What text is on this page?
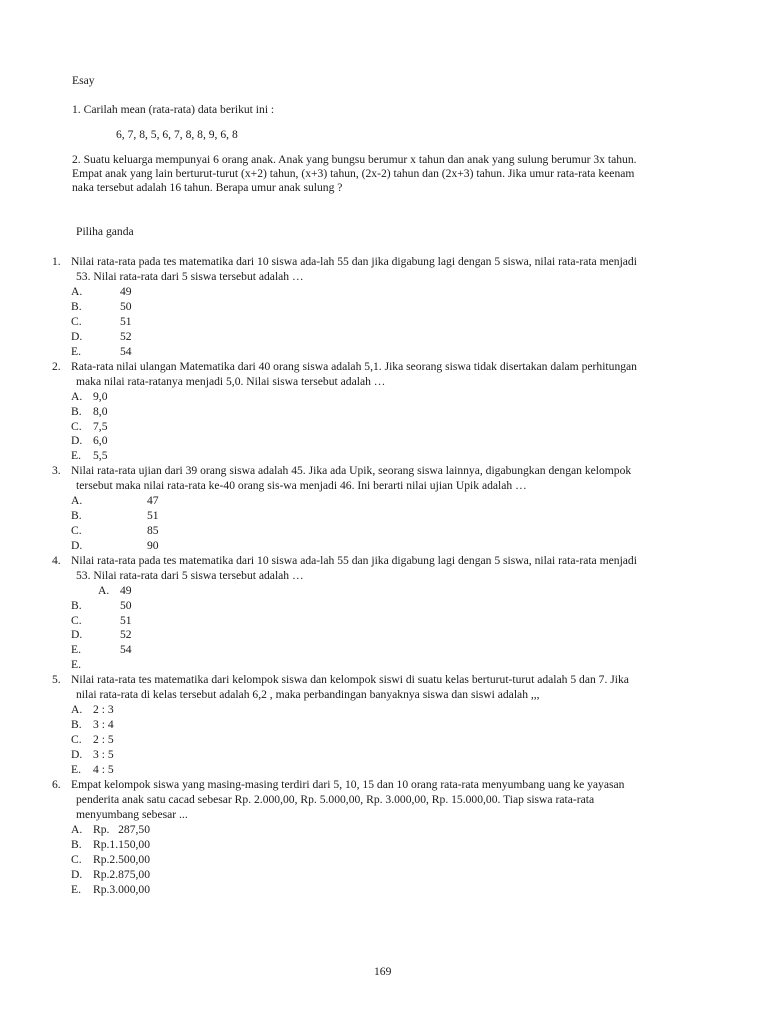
Esay
1. Carilah mean (rata-rata) data berikut ini :
6, 7, 8, 5, 6, 7, 8, 8, 9, 6, 8
2. Suatu keluarga mempunyai 6 orang anak. Anak yang bungsu berumur x tahun dan anak yang sulung berumur 3x tahun.
Empat anak yang lain berturut-turut (x+2) tahun, (x+3) tahun, (2x-2) tahun dan (2x+3) tahun. Jika umur rata-rata keenam
naka tersebut adalah 16 tahun. Berapa umur anak sulung ?
Piliha ganda
1. Nilai rata-rata pada tes matematika dari 10 siswa ada-lah 55 dan jika digabung lagi dengan 5 siswa, nilai rata-rata menjadi
53. Nilai rata-rata dari 5 siswa tersebut adalah …
A.	49
B.	50
C.	51
D.	52
E.	54
2. Rata-rata nilai ulangan Matematika dari 40 orang siswa adalah 5,1. Jika seorang siswa tidak disertakan dalam perhitungan
maka nilai rata-ratanya menjadi 5,0. Nilai siswa tersebut adalah …
A. 9,0
B. 8,0
C. 7,5
D. 6,0
E. 5,5
3. Nilai rata-rata ujian dari 39 orang siswa adalah 45. Jika ada Upik, seorang siswa lainnya, digabungkan dengan kelompok
tersebut maka nilai rata-rata ke-40 orang sis-wa menjadi 46. Ini berarti nilai ujian Upik adalah …
A.	47
B.	51
C.	85
D.	90
4. Nilai rata-rata pada tes matematika dari 10 siswa ada-lah 55 dan jika digabung lagi dengan 5 siswa, nilai rata-rata menjadi
53. Nilai rata-rata dari 5 siswa tersebut adalah …
A. 49
B.	50
C.	51
D.	52
E.	54
E.
5. Nilai rata-rata tes matematika dari kelompok siswa dan kelompok siswi di suatu kelas berturut-turut adalah 5 dan 7. Jika
nilai rata-rata di kelas tersebut adalah 6,2 , maka perbandingan banyaknya siswa dan siswi adalah ,,,
A. 2 : 3
B. 3 : 4
C. 2 : 5
D. 3 : 5
E. 4 : 5
6. Empat kelompok siswa yang masing-masing terdiri dari 5, 10, 15 dan 10 orang rata-rata menyumbang uang ke yayasan
penderita anak satu cacad sebesar Rp. 2.000,00, Rp. 5.000,00, Rp. 3.000,00, Rp. 15.000,00. Tiap siswa rata-rata
menyumbang sebesar ...
A. Rp.   287,50
B. Rp.1.150,00
C. Rp.2.500,00
D. Rp.2.875,00
E. Rp.3.000,00
169
